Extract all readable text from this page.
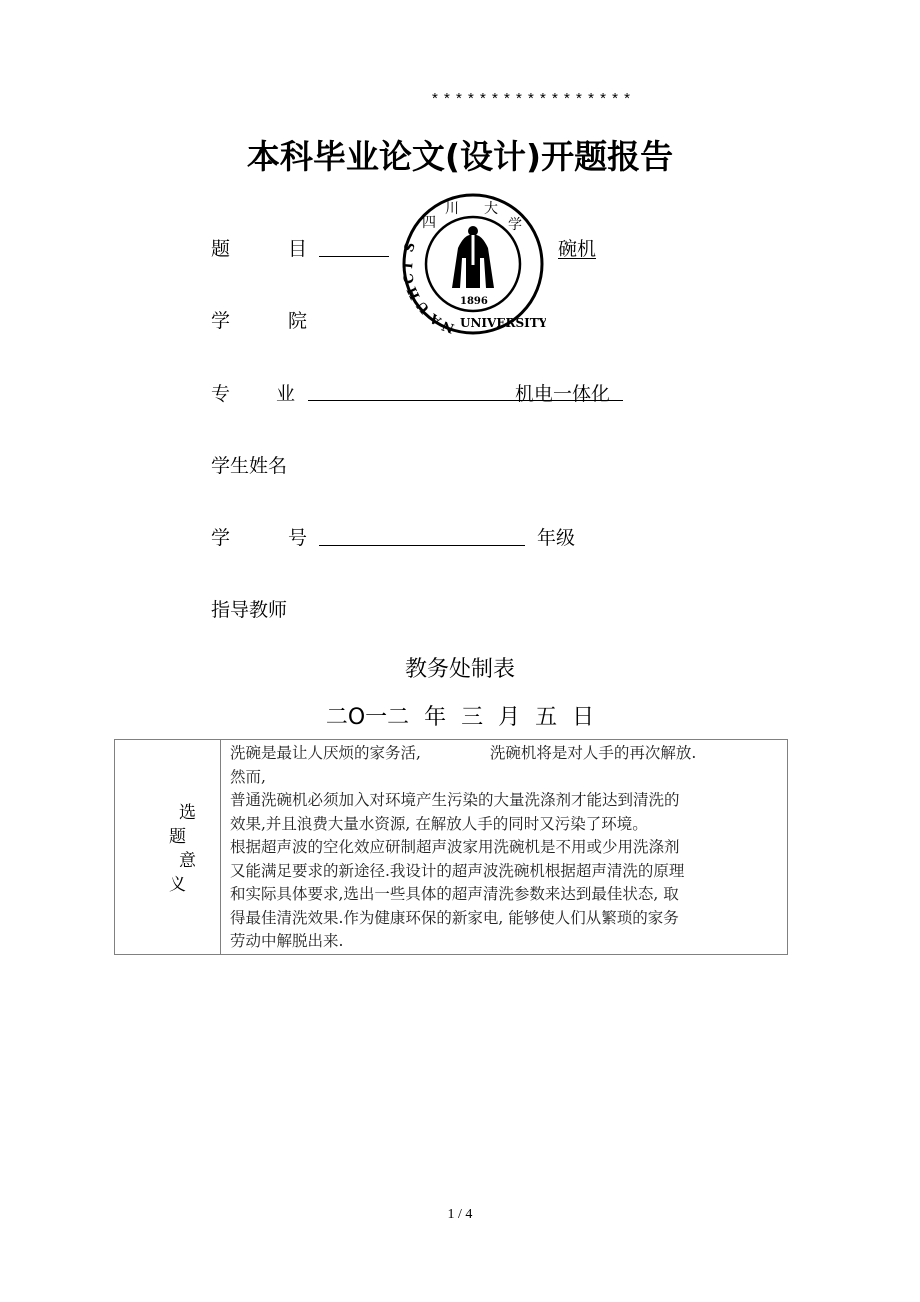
* * * * * * * * * * * * * * * * *
本科毕业论文(设计)开题报告
S
I
C
H
U
A
N UNIVERSITY
1896
四
川 大
学
题	目	碗机
学	院
专 业	机电一体化
学生姓名
学	号	年级
指导教师
教务处制表
二O一二 年 三 月 五 日
选
题
意
义
洗碗是最让人厌烦的家务活,              洗碗机将是对人手的再次解放.
然而,
普通洗碗机必须加入对环境产生污染的大量洗涤剂才能达到清洗的
效果,并且浪费大量水资源, 在解放人手的同时又污染了环境。
根据超声波的空化效应研制超声波家用洗碗机是不用或少用洗涤剂
又能满足要求的新途径.我设计的超声波洗碗机根据超声清洗的原理
和实际具体要求,选出一些具体的超声清洗参数来达到最佳状态, 取
得最佳清洗效果.作为健康环保的新家电, 能够使人们从繁琐的家务
劳动中解脱出来.
1 / 4
